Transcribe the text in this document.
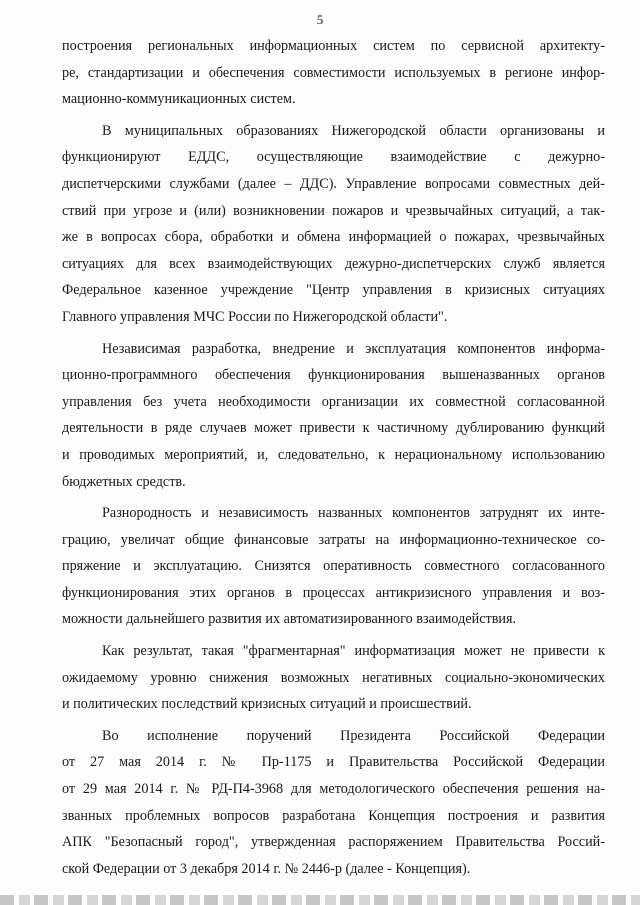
5
построения региональных информационных систем по сервисной архитекту-
ре, стандартизации и обеспечения совместимости используемых в регионе инфор-
мационно-коммуникационных систем.
В муниципальных образованиях Нижегородской области организованы и
функционируют ЕДДС, осуществляющие взаимодействие с дежурно-
диспетчерскими службами (далее – ДДС). Управление вопросами совместных дей-
ствий при угрозе и (или) возникновении пожаров и чрезвычайных ситуаций, а так-
же в вопросах сбора, обработки и обмена информацией о пожарах, чрезвычайных
ситуациях для всех взаимодействующих дежурно-диспетчерских служб является
Федеральное казенное учреждение "Центр управления в кризисных ситуациях
Главного управления МЧС России по Нижегородской области".
Независимая разработка, внедрение и эксплуатация компонентов информа-
ционно-программного обеспечения функционирования вышеназванных органов
управления без учета необходимости организации их совместной согласованной
деятельности в ряде случаев может привести к частичному дублированию функций
и проводимых мероприятий, и, следовательно, к нерациональному использованию
бюджетных средств.
Разнородность и независимость названных компонентов затруднят их инте-
грацию, увеличат общие финансовые затраты на информационно-техническое со-
пряжение и эксплуатацию. Снизятся оперативность совместного согласованного
функционирования этих органов в процессах антикризисного управления и воз-
можности дальнейшего развития их автоматизированного взаимодействия.
Как результат, такая "фрагментарная" информатизация может не привести к
ожидаемому уровню снижения возможных негативных социально-экономических
и политических последствий кризисных ситуаций и происшествий.
Во исполнение поручений Президента Российской Федерации
от 27 мая 2014 г. № Пр-1175 и Правительства Российской Федерации
от 29 мая 2014 г. № РД-П4-3968 для методологического обеспечения решения на-
званных проблемных вопросов разработана Концепция построения и развития
АПК "Безопасный город", утвержденная распоряжением Правительства Россий-
ской Федерации от 3 декабря 2014 г. № 2446-р (далее - Концепция).
